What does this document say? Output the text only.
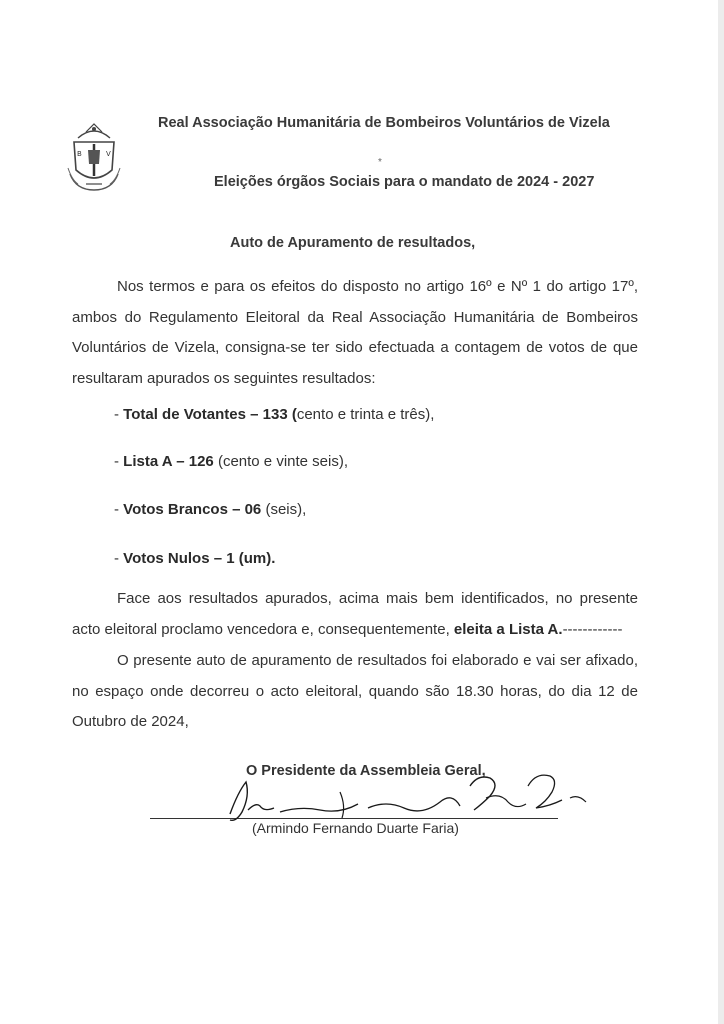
B	V
Real Associação Humanitária de Bombeiros Voluntários de Vizela
*
Eleições órgãos Sociais para o mandato de 2024 - 2027
Auto de Apuramento de resultados,

Nos termos e para os efeitos do disposto no artigo 16º e Nº 1 do artigo 17º, ambos do Regulamento Eleitoral da Real Associação Humanitária de Bombeiros Voluntários de Vizela, consigna-se ter sido efectuada a contagem de votos de que resultaram apurados os seguintes resultados:

- Total de Votantes – 133 (cento e trinta e três),
- Lista A – 126 (cento e vinte seis),
- Votos Brancos – 06 (seis),
- Votos Nulos – 1 (um).

Face aos resultados apurados, acima mais bem identificados, no presente acto eleitoral proclamo vencedora e, consequentemente, eleita a Lista A.------------

O presente auto de apuramento de resultados foi elaborado e vai ser afixado, no espaço onde decorreu o acto eleitoral, quando são 18.30 horas, do dia 12 de Outubro de 2024,

O Presidente da Assembleia Geral,
(Armindo Fernando Duarte Faria)
